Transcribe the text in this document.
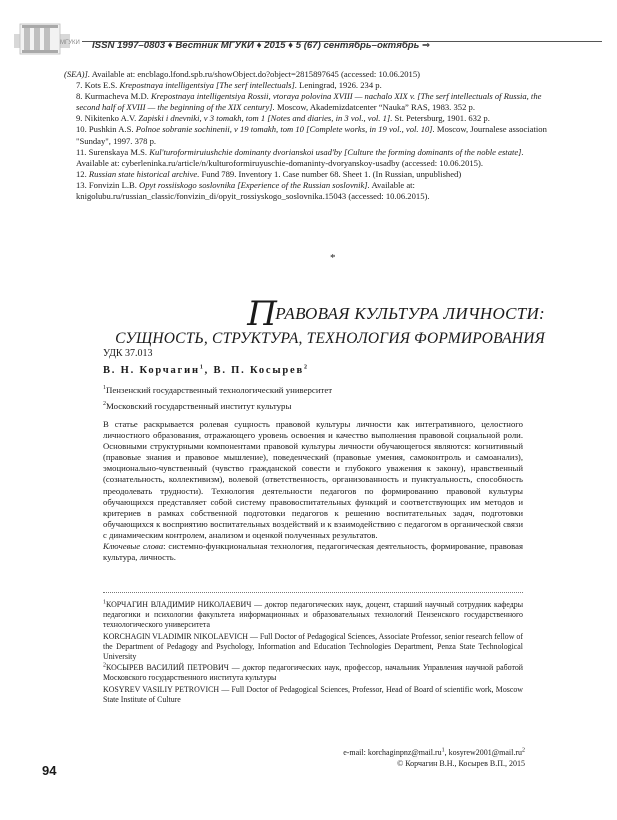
МГУКИ ISSN 1997–0803 ♦ Вестник МГУКИ ♦ 2015 ♦ 5 (67) сентябрь–октябрь ⇒

(SEA)]. Available at: encblago.lfond.spb.ru/showObject.do?object=2815897645 (accessed: 10.06.2015)

7. Kots E.S. Krepostnaya intelligentsiya [The serf intellectuals]. Leningrad, 1926. 234 p.

8. Kurmacheva M.D. Krepostnaya intelligentsiya Rossii, vtoraya polovina XVIII — nachalo XIX v. [The serf intellectuals of Russia, the second half of XVIII — the beginning of the XIX century]. Moscow, Akademizdatcenter “Nauka” RAS, 1983. 352 p.

9. Nikitenko A.V. Zapiski i dnevniki, v 3 tomakh, tom 1 [Notes and diaries, in 3 vol., vol. 1]. St. Petersburg, 1901. 632 p.

10. Pushkin A.S. Polnoe sobranie sochinenii, v 19 tomakh, tom 10 [Complete works, in 19 vol., vol. 10]. Moscow, Journalese association "Sunday", 1997. 378 p.

11. Surenskaya M.S. Kul'turoformiruiushchie dominanty dvorianskoi usad'by [Culture the forming dominants of the noble estate]. Available at: cyberleninka.ru/article/n/kulturoformiruyuschie-domaninty-dvoryanskoy-usadby (accessed: 10.06.2015).

12. Russian state historical archive. Fund 789. Inventory 1. Case number 68. Sheet 1. (In Russian, unpublished)

13. Fonvizin L.B. Opyt rossiiskogo soslovnika [Experience of the Russian soslovnik]. Available at: knigolubu.ru/russian_classic/fonvizin_di/opyit_rossiyskogo_soslovnika.15043 (accessed: 10.06.2015).

*
ПРАВОВАЯ КУЛЬТУРА ЛИЧНОСТИ:
СУЩНОСТЬ, СТРУКТУРА, ТЕХНОЛОГИЯ ФОРМИРОВАНИЯ
УДК 37.013
В. Н. Корчагин$^1$, В. П. Косырев$^2$
$^1$Пензенский государственный технологический университет
$^2$Московский государственный институт культуры

В статье раскрывается ролевая сущность правовой культуры личности как интегративного, целостного личностного образования, отражающего уровень освоения и качество выполнения правовой социальной роли. Основными структурными компонентами правовой культуры личности обучающегося являются: когнитивный (правовые знания и правовое мышление), поведенческий (правовые умения, самоконтроль и самоанализ), эмоционально-чувственный (чувство гражданской совести и глубокого уважения к закону), нравственный (сознательность, коллективизм), волевой (ответственность, организованность и пунктуальность, способность преодолевать трудности). Технология деятельности педагогов по формированию правовой культуры обучающихся представляет собой систему правовоспитательных функций и соответствующих им методов и критериев в рамках собственной подготовки педагогов к решению воспитательных задач, подготовки обучающихся к восприятию воспитательных воздействий и к взаимодействию с педагогом в органической связи с динамическим контролем, анализом и оценкой полученных результатов.

Ключевые слова: системно-функциональная технология, педагогическая деятельность, формирование, правовая культура, личность.

$^1$КОРЧАГИН ВЛАДИМИР НИКОЛАЕВИЧ — доктор педагогических наук, доцент, старший научный сотрудник кафедры педагогики и психологии факультета информационных и образовательных технологий Пензенского государственного технологического университета

KORCHAGIN VLADIMIR NIKOLAEVICH — Full Doctor of Pedagogical Sciences, Associate Professor, senior research fellow of the Department of Pedagogy and Psychology, Information and Education Technologies Department, Penza State Technological University

$^2$КОСЫРЕВ ВАСИЛИЙ ПЕТРОВИЧ — доктор педагогических наук, профессор, начальник Управления научной работой Московского государственного института культуры

KOSYREV VASILIY PETROVICH — Full Doctor of Pedagogical Sciences, Professor, Head of Board of scientific work, Moscow State Institute of Culture

e-mail: $korchaginpnz@mail.ru^1$, $kosyrew2001@mail.ru^2$
© Корчагин В.Н., Косырев В.П., 2015
94
